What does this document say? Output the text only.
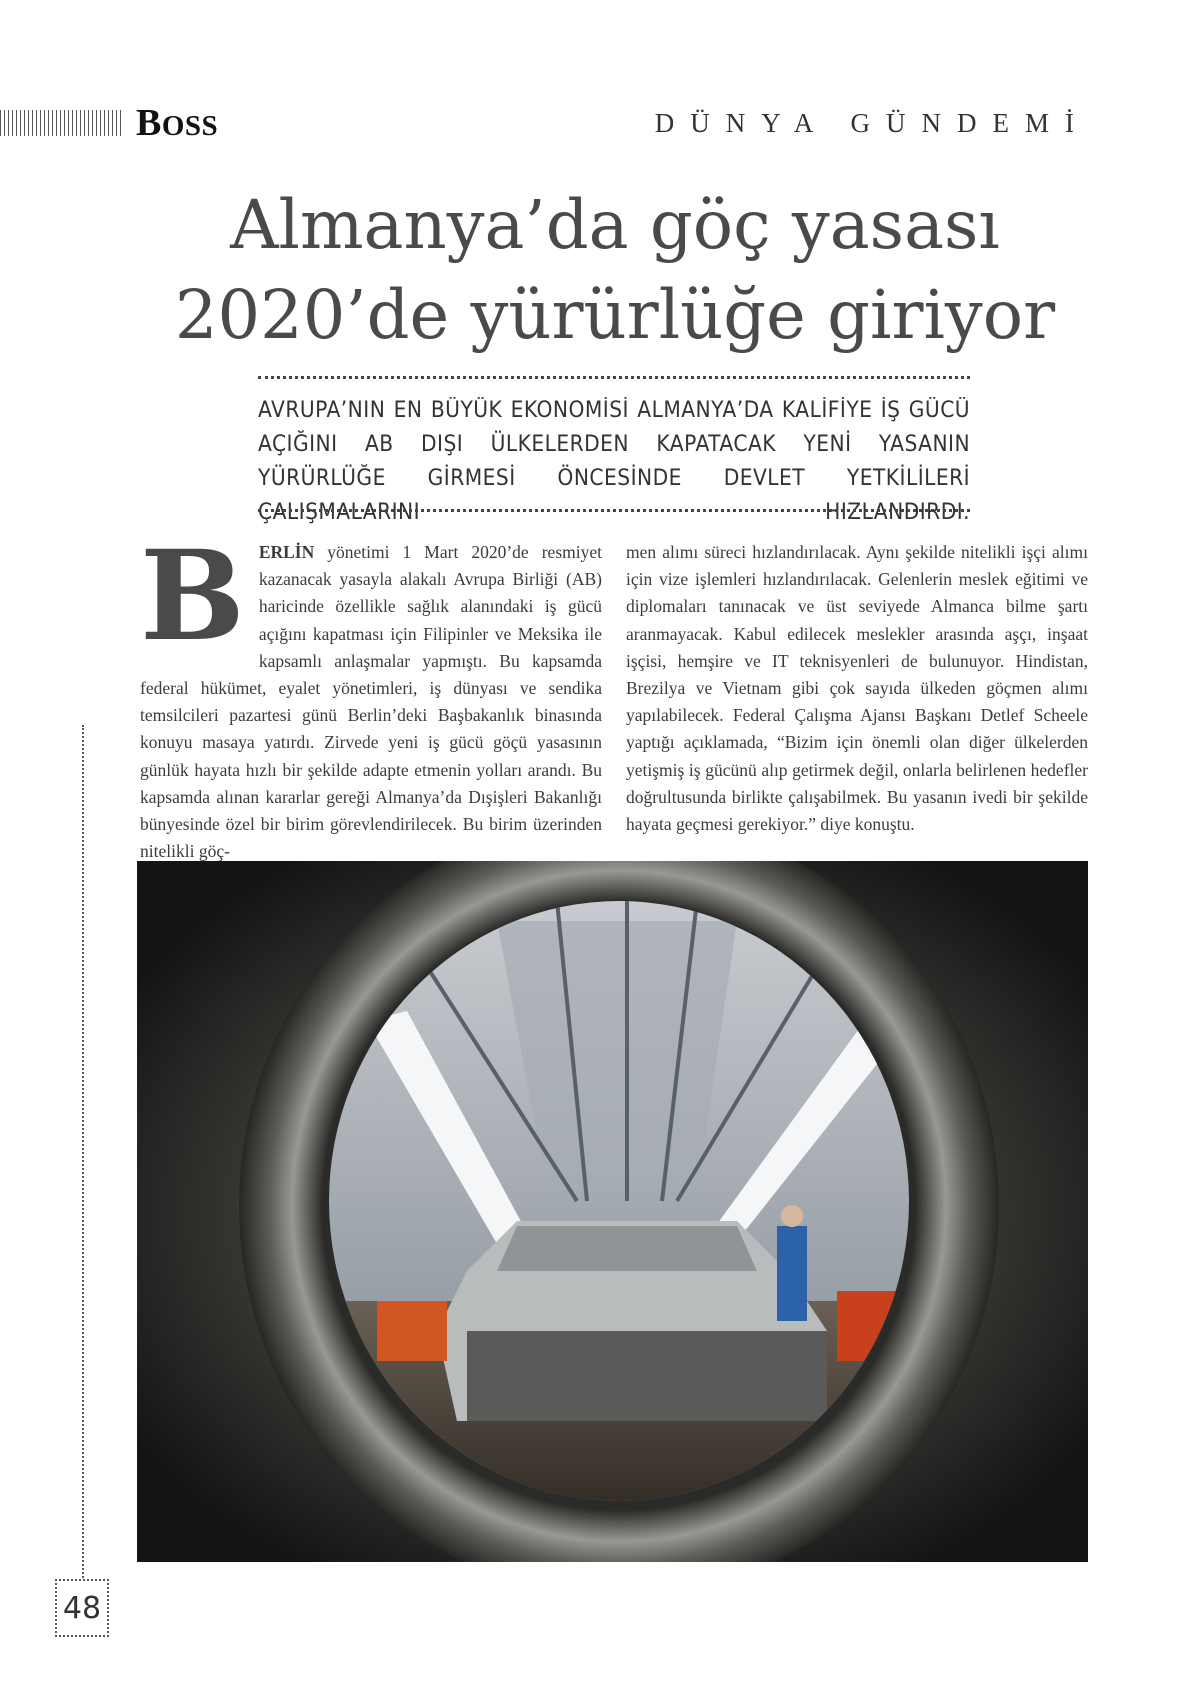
BOSS	DÜNYA GÜNDEMİ
Almanya’da göç yasası
2020’de yürürlüğe giriyor

AVRUPA’NIN EN BÜYÜK EKONOMİSİ ALMANYA’DA KALİFİYE İŞ GÜCÜ AÇIĞINI AB DIŞI ÜLKELERDEN KAPATACAK YENİ YASANIN YÜRÜRLÜĞE GİRMESİ ÖNCESİNDE DEVLET YETKİLİLERİ ÇALIŞMALARINI HIZLANDIRDI.

BERLİN yönetimi 1 Mart 2020’de resmiyet kazanacak yasayla alakalı Avrupa Birliği (AB) haricinde özellikle sağlık alanındaki iş gücü açığını kapatması için Filipinler ve Meksika ile kapsamlı anlaşmalar yapmıştı. Bu kapsamda federal hükümet, eyalet yönetimleri, iş dünyası ve sendika temsilcileri pazartesi günü Berlin’deki Başbakanlık binasında konuyu masaya yatırdı. Zirvede yeni iş gücü göçü yasasının günlük hayata hızlı bir şekilde adapte etmenin yolları arandı. Bu kapsamda alınan kararlar gereği Almanya’da Dışişleri Bakanlığı bünyesinde özel bir birim görevlendirilecek. Bu birim üzerinden nitelikli göç-

men alımı süreci hızlandırılacak. Aynı şekilde nitelikli işçi alımı için vize işlemleri hızlandırılacak. Gelenlerin meslek eğitimi ve diplomaları tanınacak ve üst seviyede Almanca bilme şartı aranmayacak. Kabul edilecek meslekler arasında aşçı, inşaat işçisi, hemşire ve IT teknisyenleri de bulunuyor. Hindistan, Brezilya ve Vietnam gibi çok sayıda ülkeden göçmen alımı yapılabilecek. Federal Çalışma Ajansı Başkanı Detlef Scheele yaptığı açıklamada, “Bizim için önemli olan diğer ülkelerden yetişmiş iş gücünü alıp getirmek değil, onlarla belirlenen hedefler doğrultusunda birlikte çalışabilmek. Bu yasanın ivedi bir şekilde hayata geçmesi gerekiyor.” diye konuştu.

48
